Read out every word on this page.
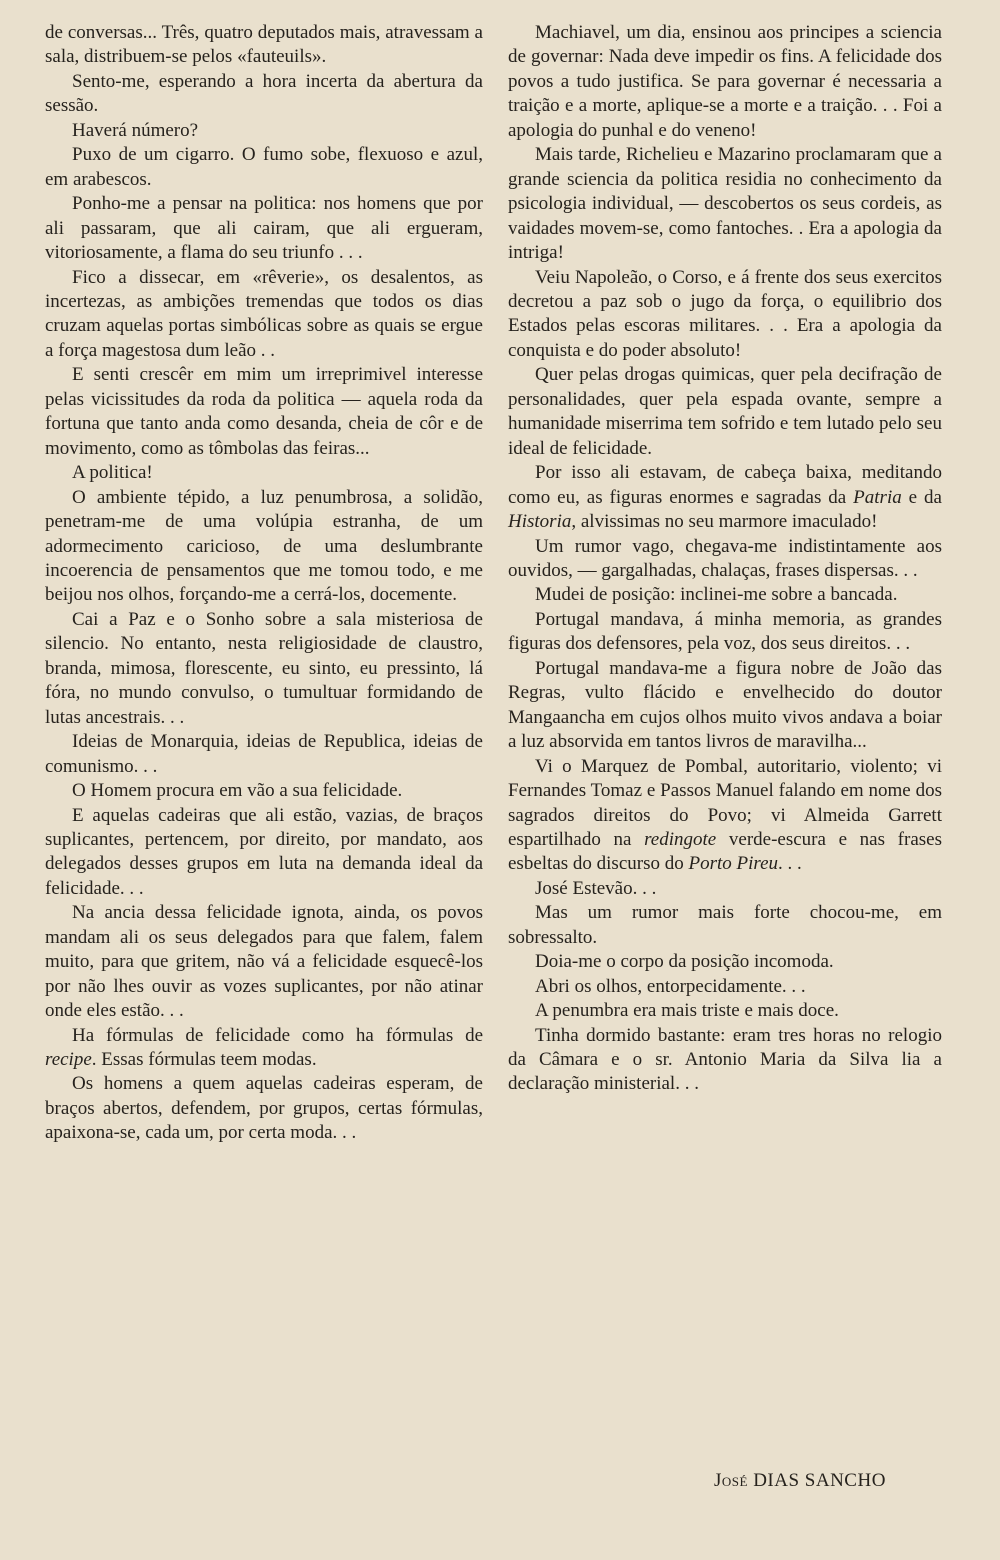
de conversas... Três, quatro deputados mais, atravessam a sala, distribuem-se pelos «fauteuils».

Sento-me, esperando a hora incerta da abertura da sessão.

Haverá número?

Puxo de um cigarro. O fumo sobe, flexuoso e azul, em arabescos.

Ponho-me a pensar na politica: nos homens que por ali passaram, que ali cairam, que ali ergueram, vitoriosamente, a flama do seu triunfo . . .

Fico a dissecar, em «rêverie», os desalentos, as incertezas, as ambições tremendas que todos os dias cruzam aquelas portas simbólicas sobre as quais se ergue a força magestosa dum leão . .

E senti crescêr em mim um irreprimivel interesse pelas vicissitudes da roda da politica — aquela roda da fortuna que tanto anda como desanda, cheia de côr e de movimento, como as tômbolas das feiras...

A politica!

O ambiente tépido, a luz penumbrosa, a solidão, penetram-me de uma volúpia estranha, de um adormecimento caricioso, de uma deslumbrante incoerencia de pensamentos que me tomou todo, e me beijou nos olhos, forçando-me a cerrá-los, docemente.

Cai a Paz e o Sonho sobre a sala misteriosa de silencio. No entanto, nesta religiosidade de claustro, branda, mimosa, florescente, eu sinto, eu pressinto, lá fóra, no mundo convulso, o tumultuar formidando de lutas ancestrais. . .

Ideias de Monarquia, ideias de Republica, ideias de comunismo. . .

O Homem procura em vão a sua felicidade.

E aquelas cadeiras que ali estão, vazias, de braços suplicantes, pertencem, por direito, por mandato, aos delegados desses grupos em luta na demanda ideal da felicidade. . .

Na ancia dessa felicidade ignota, ainda, os povos mandam ali os seus delegados para que falem, falem muito, para que gritem, não vá a felicidade esquecê-los por não lhes ouvir as vozes suplicantes, por não atinar onde eles estão. . .

Ha fórmulas de felicidade como ha fórmulas de recipe. Essas fórmulas teem modas.

Os homens a quem aquelas cadeiras esperam, de braços abertos, defendem, por grupos, certas fórmulas, apaixona-se, cada um, por certa moda. . .

Machiavel, um dia, ensinou aos principes a sciencia de governar: Nada deve impedir os fins. A felicidade dos povos a tudo justifica. Se para governar é necessaria a traição e a morte, aplique-se a morte e a traição. . . Foi a apologia do punhal e do veneno!

Mais tarde, Richelieu e Mazarino proclamaram que a grande sciencia da politica residia no conhecimento da psicologia individual, — descobertos os seus cordeis, as vaidades movem-se, como fantoches. . Era a apologia da intriga!

Veiu Napoleão, o Corso, e á frente dos seus exercitos decretou a paz sob o jugo da força, o equilibrio dos Estados pelas escoras militares. . . Era a apologia da conquista e do poder absoluto!

Quer pelas drogas quimicas, quer pela decifração de personalidades, quer pela espada ovante, sempre a humanidade miserrima tem sofrido e tem lutado pelo seu ideal de felicidade.

Por isso ali estavam, de cabeça baixa, meditando como eu, as figuras enormes e sagradas da Patria e da Historia, alvissimas no seu marmore imaculado!

Um rumor vago, chegava-me indistintamente aos ouvidos, — gargalhadas, chalaças, frases dispersas. . .

Mudei de posição: inclinei-me sobre a bancada.

Portugal mandava, á minha memoria, as grandes figuras dos defensores, pela voz, dos seus direitos. . .

Portugal mandava-me a figura nobre de João das Regras, vulto flácido e envelhecido do doutor Mangaancha em cujos olhos muito vivos andava a boiar a luz absorvida em tantos livros de maravilha...

Vi o Marquez de Pombal, autoritario, violento; vi Fernandes Tomaz e Passos Manuel falando em nome dos sagrados direitos do Povo; vi Almeida Garrett espartilhado na redingote verde-escura e nas frases esbeltas do discurso do Porto Pireu. . .

José Estevão. . .

Mas um rumor mais forte chocou-me, em sobressalto.

Doia-me o corpo da posição incomoda.

Abri os olhos, entorpecidamente. . .

A penumbra era mais triste e mais doce.

Tinha dormido bastante: eram tres horas no relogio da Câmara e o sr. Antonio Maria da Silva lia a declaração ministerial. . .

José DIAS SANCHO
